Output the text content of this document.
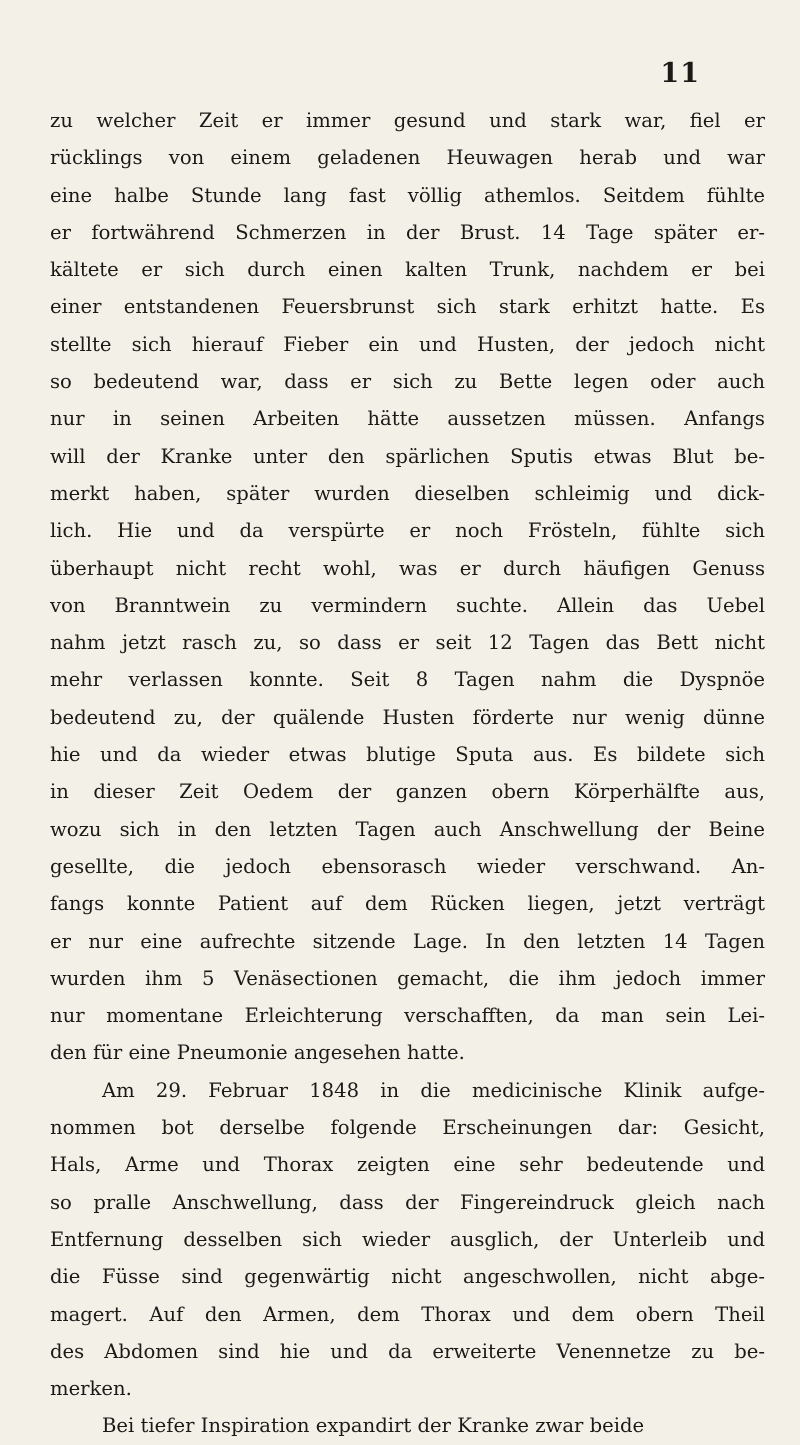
11
zu welcher Zeit er immer gesund und stark war, fiel er
rücklings von einem geladenen Heuwagen herab und war
eine halbe Stunde lang fast völlig athemlos. Seitdem fühlte
er fortwährend Schmerzen in der Brust. 14 Tage später er-
kältete er sich durch einen kalten Trunk, nachdem er bei
einer entstandenen Feuersbrunst sich stark erhitzt hatte. Es
stellte sich hierauf Fieber ein und Husten, der jedoch nicht
so bedeutend war, dass er sich zu Bette legen oder auch
nur in seinen Arbeiten hätte aussetzen müssen. Anfangs
will der Kranke unter den spärlichen Sputis etwas Blut be-
merkt haben, später wurden dieselben schleimig und dick-
lich. Hie und da verspürte er noch Frösteln, fühlte sich
überhaupt nicht recht wohl, was er durch häufigen Genuss
von Branntwein zu vermindern suchte. Allein das Uebel
nahm jetzt rasch zu, so dass er seit 12 Tagen das Bett nicht
mehr verlassen konnte. Seit 8 Tagen nahm die Dyspnöe
bedeutend zu, der quälende Husten förderte nur wenig dünne
hie und da wieder etwas blutige Sputa aus. Es bildete sich
in dieser Zeit Oedem der ganzen obern Körperhälfte aus,
wozu sich in den letzten Tagen auch Anschwellung der Beine
gesellte, die jedoch ebensorasch wieder verschwand. An-
fangs konnte Patient auf dem Rücken liegen, jetzt verträgt
er nur eine aufrechte sitzende Lage. In den letzten 14 Tagen
wurden ihm 5 Venäsectionen gemacht, die ihm jedoch immer
nur momentane Erleichterung verschafften, da man sein Lei-
den für eine Pneumonie angesehen hatte.
Am 29. Februar 1848 in die medicinische Klinik aufge-
nommen bot derselbe folgende Erscheinungen dar: Gesicht,
Hals, Arme und Thorax zeigten eine sehr bedeutende und
so pralle Anschwellung, dass der Fingereindruck gleich nach
Entfernung desselben sich wieder ausglich, der Unterleib und
die Füsse sind gegenwärtig nicht angeschwollen, nicht abge-
magert. Auf den Armen, dem Thorax und dem obern Theil
des Abdomen sind hie und da erweiterte Venennetze zu be-
merken.
Bei tiefer Inspiration expandirt der Kranke zwar beide
